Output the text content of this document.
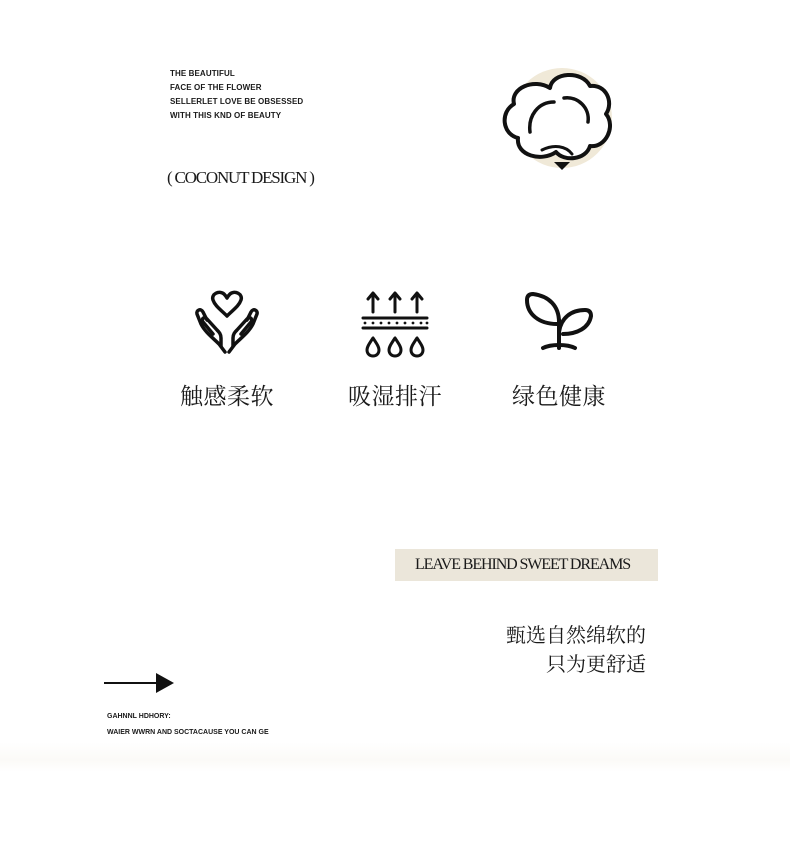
THE BEAUTIFUL
FACE OF THE FLOWER
SELLERLET LOVE BE OBSESSED
WITH THIS KND OF BEAUTY
( COCONUT DESIGN )
触感柔软	吸湿排汗	绿色健康
LEAVE BEHIND SWEET DREAMS
甄选自然绵软的
只为更舒适
GAHNNL HDHORY:
WAIER WWRN AND SOCTACAUSE YOU CAN GE
